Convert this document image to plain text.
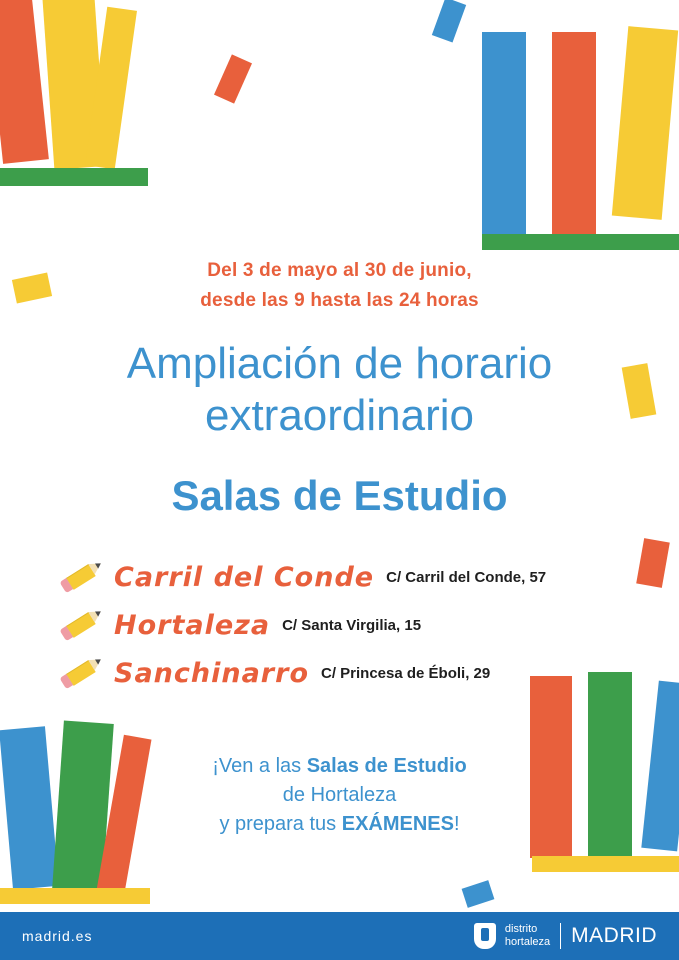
Del 3 de mayo al 30 de junio,
desde las 9 hasta las 24 horas
Ampliación de horario
extraordinario
Salas de Estudio
Carril del Conde C/ Carril del Conde, 57
Hortaleza C/ Santa Virgilia, 15
Sanchinarro C/ Princesa de Éboli, 29
¡Ven a las Salas de Estudio
de Hortaleza
y prepara tus EXÁMENES!
madrid.es	distrito
hortaleza	MADRID
